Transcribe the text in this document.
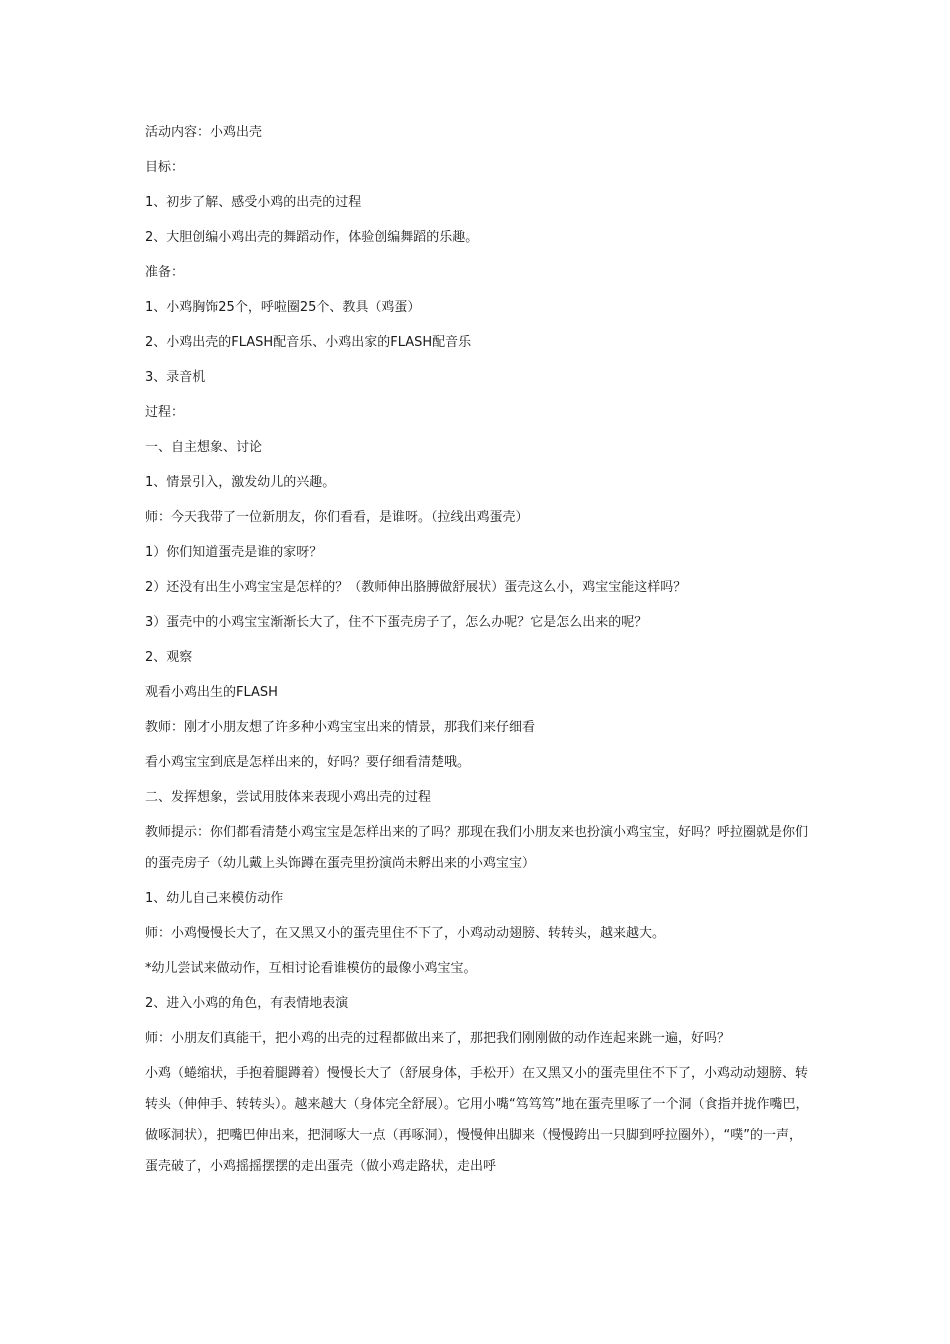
活动内容：小鸡出壳

目标：

1、初步了解、感受小鸡的出壳的过程

2、大胆创编小鸡出壳的舞蹈动作，体验创编舞蹈的乐趣。

准备：

1、小鸡胸饰25个，呼啦圈25个、教具（鸡蛋）

2、小鸡出壳的FLASH配音乐、小鸡出家的FLASH配音乐

3、录音机

过程：

一、自主想象、讨论

1、情景引入，激发幼儿的兴趣。

师：今天我带了一位新朋友，你们看看，是谁呀。（拉线出鸡蛋壳）

1）你们知道蛋壳是谁的家呀？

2）还没有出生小鸡宝宝是怎样的？（教师伸出胳膊做舒展状）蛋壳这么小，鸡宝宝能这样吗？

3）蛋壳中的小鸡宝宝渐渐长大了，住不下蛋壳房子了，怎么办呢？它是怎么出来的呢？

2、观察

观看小鸡出生的FLASH

教师：刚才小朋友想了许多种小鸡宝宝出来的情景，那我们来仔细看

看小鸡宝宝到底是怎样出来的，好吗？要仔细看清楚哦。

二、发挥想象，尝试用肢体来表现小鸡出壳的过程

教师提示：你们都看清楚小鸡宝宝是怎样出来的了吗？那现在我们小朋友来也扮演小鸡宝宝，好吗？呼拉圈就是你们的蛋壳房子（幼儿戴上头饰蹲在蛋壳里扮演尚未孵出来的小鸡宝宝）

1、幼儿自己来模仿动作

师：小鸡慢慢长大了，在又黑又小的蛋壳里住不下了，小鸡动动翅膀、转转头，越来越大。

*幼儿尝试来做动作，互相讨论看谁模仿的最像小鸡宝宝。

2、进入小鸡的角色，有表情地表演

师：小朋友们真能干，把小鸡的出壳的过程都做出来了，那把我们刚刚做的动作连起来跳一遍，好吗？

小鸡（蜷缩状，手抱着腿蹲着）慢慢长大了（舒展身体，手松开）在又黑又小的蛋壳里住不下了，小鸡动动翅膀、转转头（伸伸手、转转头）。越来越大（身体完全舒展）。它用小嘴“笃笃笃”地在蛋壳里啄了一个洞（食指并拢作嘴巴，做啄洞状），把嘴巴伸出来，把洞啄大一点（再啄洞），慢慢伸出脚来（慢慢跨出一只脚到呼拉圈外），“噗”的一声，蛋壳破了，小鸡摇摇摆摆的走出蛋壳（做小鸡走路状，走出呼
